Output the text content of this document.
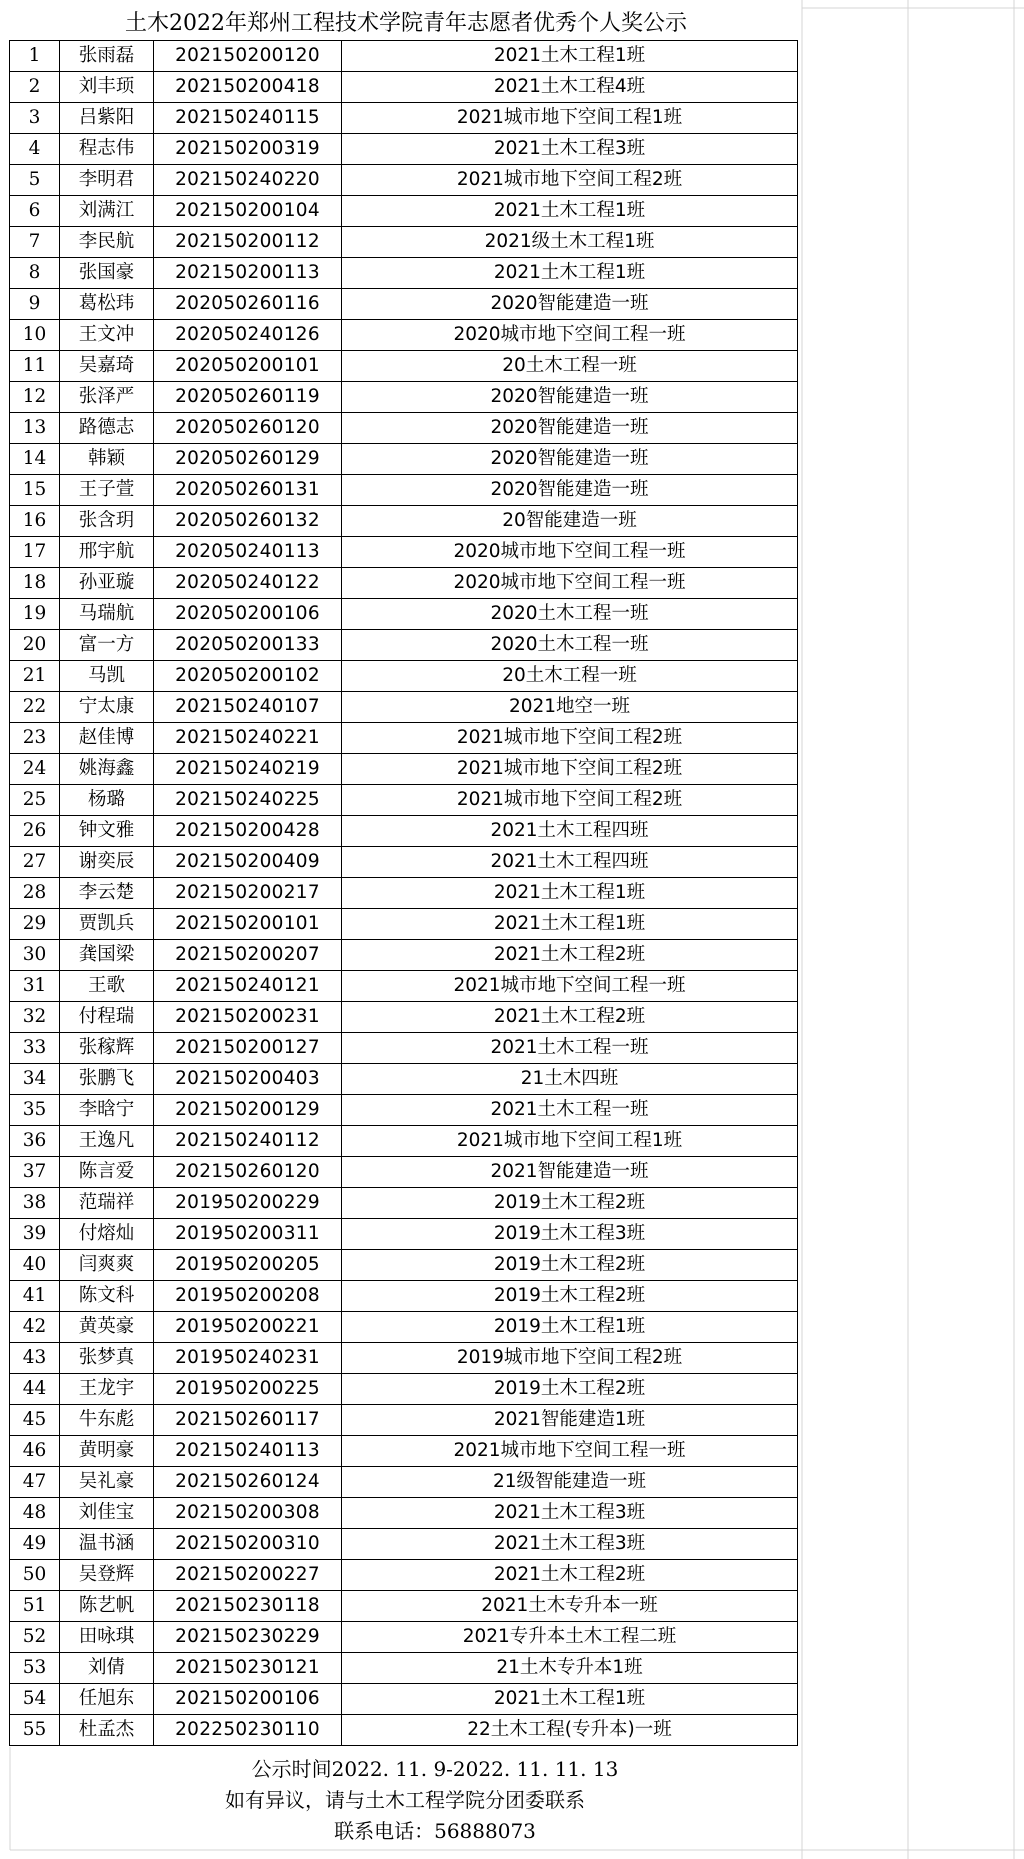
土木2022年郑州工程技术学院青年志愿者优秀个人奖公示
1	张雨磊	202150200120	2021土木工程1班
2	刘丰顼	202150200418	2021土木工程4班
3	吕紫阳	202150240115	2021城市地下空间工程1班
4	程志伟	202150200319	2021土木工程3班
5	李明君	202150240220	2021城市地下空间工程2班
6	刘满江	202150200104	2021土木工程1班
7	李民航	202150200112	2021级土木工程1班
8	张国豪	202150200113	2021土木工程1班
9	葛松玮	202050260116	2020智能建造一班
10	王文冲	202050240126	2020城市地下空间工程一班
11	吴嘉琦	202050200101	20土木工程一班
12	张泽严	202050260119	2020智能建造一班
13	路德志	202050260120	2020智能建造一班
14	韩颖	202050260129	2020智能建造一班
15	王子萱	202050260131	2020智能建造一班
16	张含玥	202050260132	20智能建造一班
17	邢宇航	202050240113	2020城市地下空间工程一班
18	孙亚璇	202050240122	2020城市地下空间工程一班
19	马瑞航	202050200106	2020土木工程一班
20	富一方	202050200133	2020土木工程一班
21	马凯	202050200102	20土木工程一班
22	宁太康	202150240107	2021地空一班
23	赵佳博	202150240221	2021城市地下空间工程2班
24	姚海鑫	202150240219	2021城市地下空间工程2班
25	杨璐	202150240225	2021城市地下空间工程2班
26	钟文雅	202150200428	2021土木工程四班
27	谢奕辰	202150200409	2021土木工程四班
28	李云楚	202150200217	2021土木工程1班
29	贾凯兵	202150200101	2021土木工程1班
30	龚国梁	202150200207	2021土木工程2班
31	王歌	202150240121	2021城市地下空间工程一班
32	付程瑞	202150200231	2021土木工程2班
33	张稼辉	202150200127	2021土木工程一班
34	张鹏飞	202150200403	21土木四班
35	李晗宁	202150200129	2021土木工程一班
36	王逸凡	202150240112	2021城市地下空间工程1班
37	陈言爱	202150260120	2021智能建造一班
38	范瑞祥	201950200229	2019土木工程2班
39	付熔灿	201950200311	2019土木工程3班
40	闫爽爽	201950200205	2019土木工程2班
41	陈文科	201950200208	2019土木工程2班
42	黄英豪	201950200221	2019土木工程1班
43	张梦真	201950240231	2019城市地下空间工程2班
44	王龙宇	201950200225	2019土木工程2班
45	牛东彪	202150260117	2021智能建造1班
46	黄明豪	202150240113	2021城市地下空间工程一班
47	吴礼豪	202150260124	21级智能建造一班
48	刘佳宝	202150200308	2021土木工程3班
49	温书涵	202150200310	2021土木工程3班
50	吴登辉	202150200227	2021土木工程2班
51	陈艺帆	202150230118	2021土木专升本一班
52	田咏琪	202150230229	2021专升本土木工程二班
53	刘倩	202150230121	21土木专升本1班
54	任旭东	202150200106	2021土木工程1班
55	杜孟杰	202250230110	22土木工程(专升本)一班
公示时间2022. 11. 9-2022. 11. 11. 13
如有异议，请与土木工程学院分团委联系
联系电话：56888073
